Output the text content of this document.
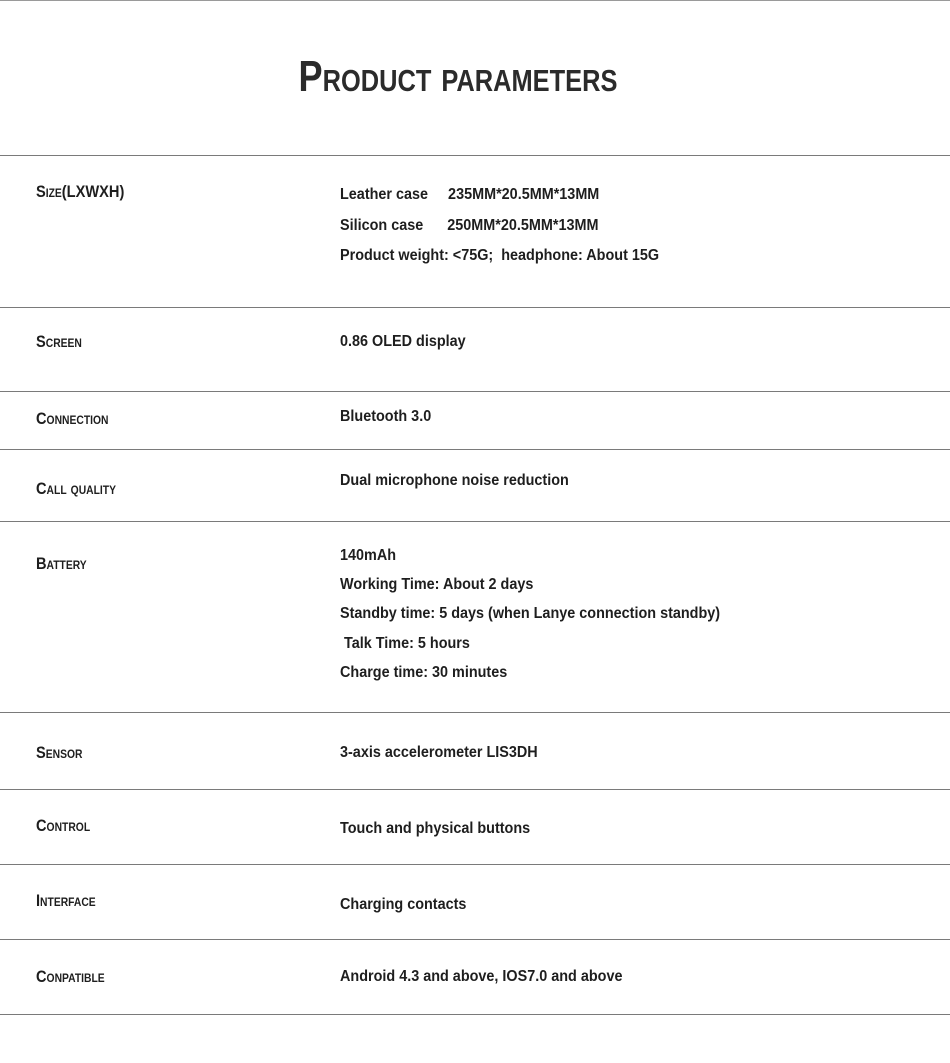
Product parameters
Size(LXWXH)	Leather case     235MM*20.5MM*13MM
Silicon case      250MM*20.5MM*13MM
Product weight: <75G;  headphone: About 15G
Screen	0.86 OLED display
Connection	Bluetooth 3.0
Call quality	Dual microphone noise reduction
Battery	140mAh
Working Time: About 2 days
Standby time: 5 days (when Lanye connection standby)
Talk Time: 5 hours
Charge time: 30 minutes
Sensor	3-axis accelerometer LIS3DH
Control	Touch and physical buttons
Interface	Charging contacts
Conpatible	Android 4.3 and above, IOS7.0 and above
